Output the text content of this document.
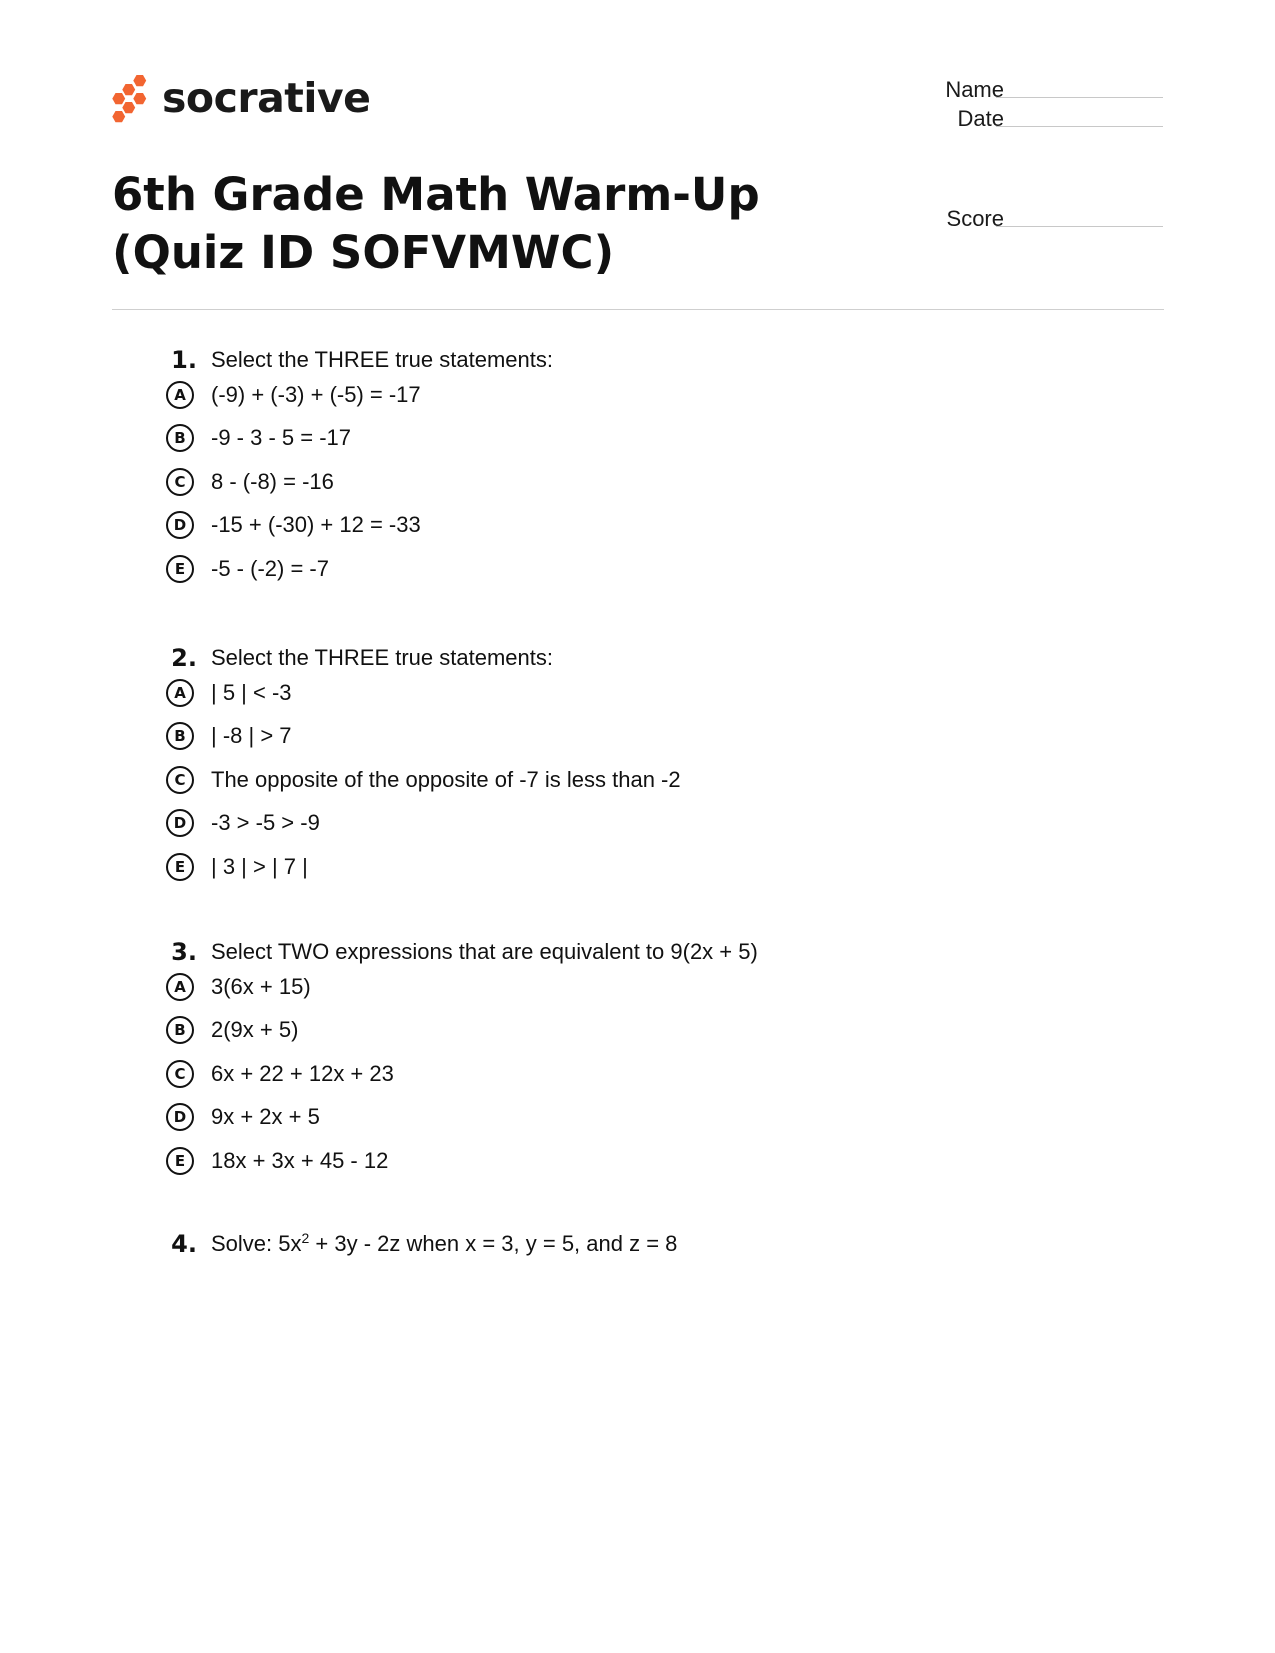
socrative
6th Grade Math Warm-Up (Quiz ID SOFVMWC)
Name
Date
Score
1. Select the THREE true statements:
A	(-9) + (-3) + (-5) = -17
B	-9 - 3 - 5 = -17
C	8 - (-8) = -16
D	-15 + (-30) + 12 = -33
E	-5 - (-2) = -7
2. Select the THREE true statements:
A	| 5 | < -3
B	| -8 | > 7
C	The opposite of the opposite of -7 is less than -2
D	-3 > -5 > -9
E	| 3 | > | 7 |
3. Select TWO expressions that are equivalent to 9(2x + 5)
A	3(6x + 15)
B	2(9x + 5)
C	6x + 22 + 12x + 23
D	9x + 2x + 5
E	18x + 3x + 45 - 12
4. Solve: $5x^2 + 3y - 2z$ when x = 3, y = 5, and z = 8
